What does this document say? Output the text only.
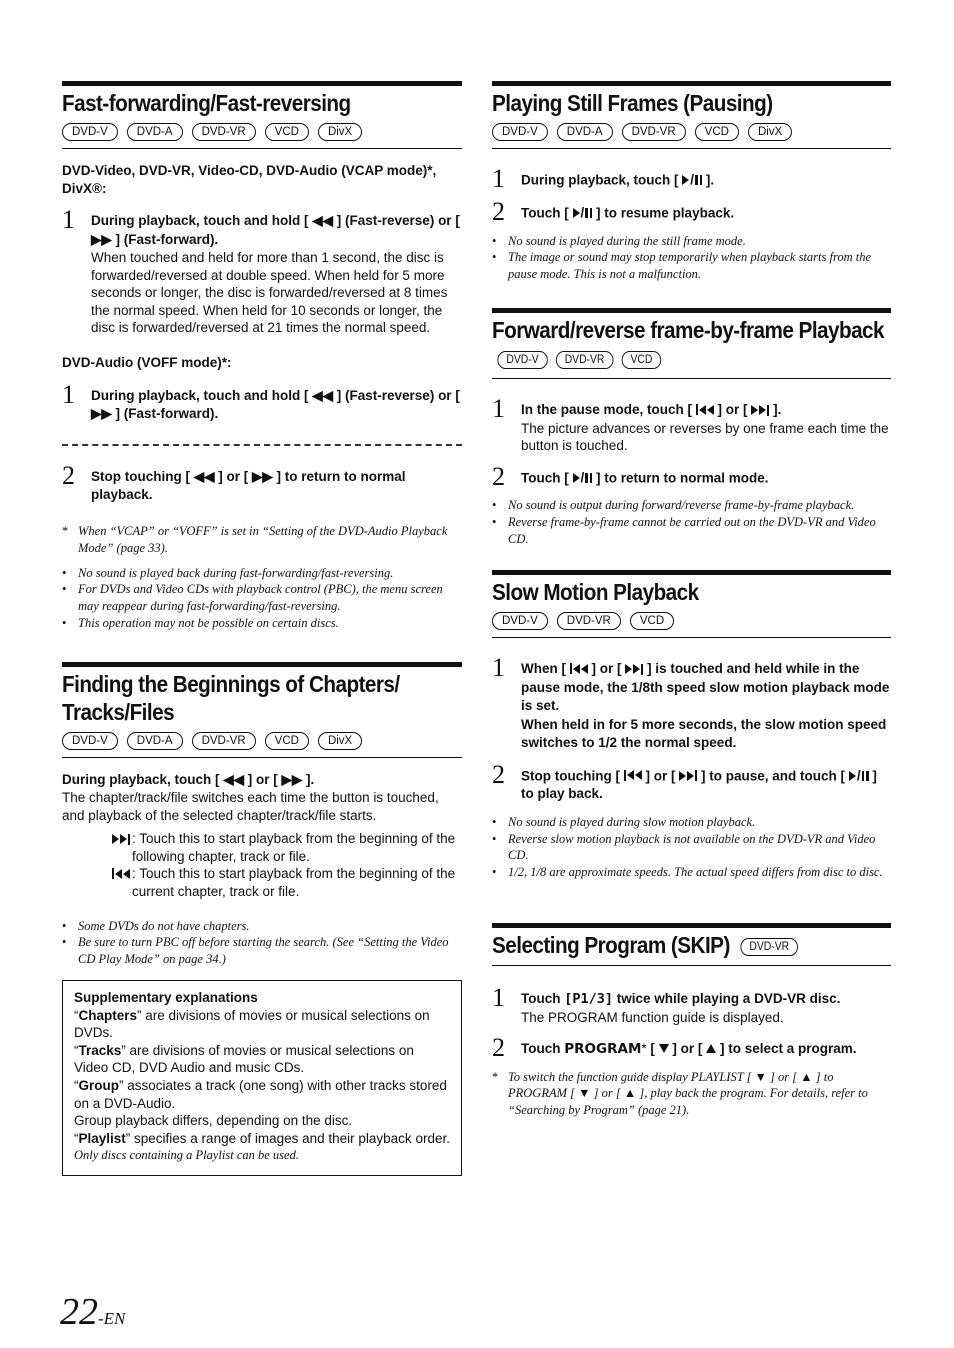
Fast-forwarding/Fast-reversing
DVD-V	DVD-A	DVD-VR	VCD	DivX
DVD-Video, DVD-VR, Video-CD, DVD-Audio (VCAP mode)*, DivX®:
1 During playback, touch and hold [ ◀◀ ] (Fast-reverse) or [ ▶▶ ] (Fast-forward).
When touched and held for more than 1 second, the disc is forwarded/reversed at double speed. When held for 5 more seconds or longer, the disc is forwarded/reversed at 8 times the normal speed. When held for 10 seconds or longer, the disc is forwarded/reversed at 21 times the normal speed.
DVD-Audio (VOFF mode)*:
1 During playback, touch and hold [ ◀◀ ] (Fast-reverse) or [ ▶▶ ] (Fast-forward).
2 Stop touching [ ◀◀ ] or [ ▶▶ ] to return to normal playback.
* When “VCAP” or “VOFF” is set in “Setting of the DVD-Audio Playback Mode” (page 33).
• No sound is played back during fast-forwarding/fast-reversing.
• For DVDs and Video CDs with playback control (PBC), the menu screen may reappear during fast-forwarding/fast-reversing.
• This operation may not be possible on certain discs.
Finding the Beginnings of Chapters/ Tracks/Files
DVD-V	DVD-A	DVD-VR	VCD	DivX
During playback, touch [ ◀◀ ] or [ ▶▶ ].
The chapter/track/file switches each time the button is touched, and playback of the selected chapter/track/file starts.
: Touch this to start playback from the beginning of the following chapter, track or file.
: Touch this to start playback from the beginning of the current chapter, track or file.
• Some DVDs do not have chapters.
• Be sure to turn PBC off before starting the search. (See “Setting the Video CD Play Mode” on page 34.)
Supplementary explanations
“Chapters” are divisions of movies or musical selections on DVDs.
“Tracks” are divisions of movies or musical selections on Video CD, DVD Audio and music CDs.
“Group” associates a track (one song) with other tracks stored on a DVD-Audio.
Group playback differs, depending on the disc.
“Playlist” specifies a range of images and their playback order.
Only discs containing a Playlist can be used.
Playing Still Frames (Pausing)
DVD-V	DVD-A	DVD-VR	VCD	DivX
1 During playback, touch [ / ].
2 Touch [ / ] to resume playback.
• No sound is played during the still frame mode.
• The image or sound may stop temporarily when playback starts from the pause mode. This is not a malfunction.
Forward/reverse frame-by-frame Playback
DVD-V	DVD-VR	VCD
1 In the pause mode, touch [ ] or [ ].
The picture advances or reverses by one frame each time the button is touched.
2 Touch [ / ] to return to normal mode.
• No sound is output during forward/reverse frame-by-frame playback.
• Reverse frame-by-frame cannot be carried out on the DVD-VR and Video CD.
Slow Motion Playback
DVD-V	DVD-VR	VCD
1 When [ ] or [ ] is touched and held while in the pause mode, the 1/8th speed slow motion playback mode is set.
When held in for 5 more seconds, the slow motion speed switches to 1/2 the normal speed.
2 Stop touching [ ] or [ ] to pause, and touch [ / ] to play back.
• No sound is played during slow motion playback.
• Reverse slow motion playback is not available on the DVD-VR and Video CD.
• 1/2, 1/8 are approximate speeds. The actual speed differs from disc to disc.
Selecting Program (SKIP)	DVD-VR
1 Touch [P1/3] twice while playing a DVD-VR disc.
The PROGRAM function guide is displayed.
2 Touch PROGRAM* [ ] or [ ] to select a program.
* To switch the function guide display PLAYLIST [ ▼ ] or [ ▲ ] to PROGRAM [ ▼ ] or [ ▲ ], play back the program. For details, refer to “Searching by Program” (page 21).
22-EN
